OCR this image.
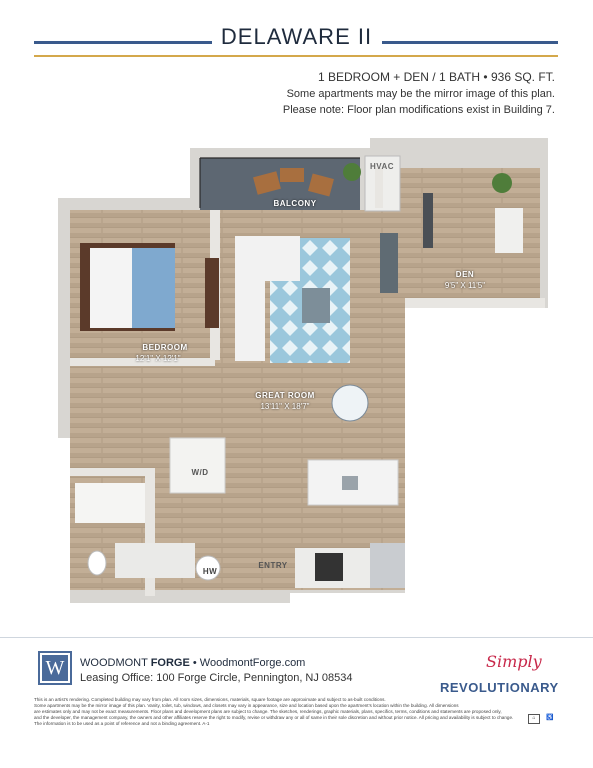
DELAWARE II
1 BEDROOM + DEN / 1 BATH • 936 SQ. FT.
Some apartments may be the mirror image of this plan.
Please note: Floor plan modifications exist in Building 7.
HVAC
BALCONY
DEN
9'5" X 11'5"
BEDROOM
12'1" X 12'1"
GREAT ROOM
13'11" X 18'7"
W/D
HW
ENTRY
W	WOODMONT FORGE • WoodmontForge.com
Leasing Office: 100 Forge Circle, Pennington, NJ 08534
Simply
REVOLUTIONARY
This is an artist's rendering. Completed building may vary from plan. All room sizes, dimensions, materials, square footage are approximate and subject to as-built conditions.
Some apartments may be the mirror image of this plan. Vanity, toilet, tub, windows, and closets may vary in appearance, size and location based upon the apartment's location within the building. All dimensions
are estimates only and may not be exact measurements. Floor plans and development plans are subject to change. The sketches, renderings, graphic materials, plans, specifics, terms, conditions and statements are proposed only,
and the developer, the management company, the owners and other affiliates reserve the right to modify, revise or withdraw any or all of same in their sole discretion and without prior notice. All pricing and availability is subject to change.
The information is to be used as a point of reference and not a binding agreement. A-1
⌂	♿
